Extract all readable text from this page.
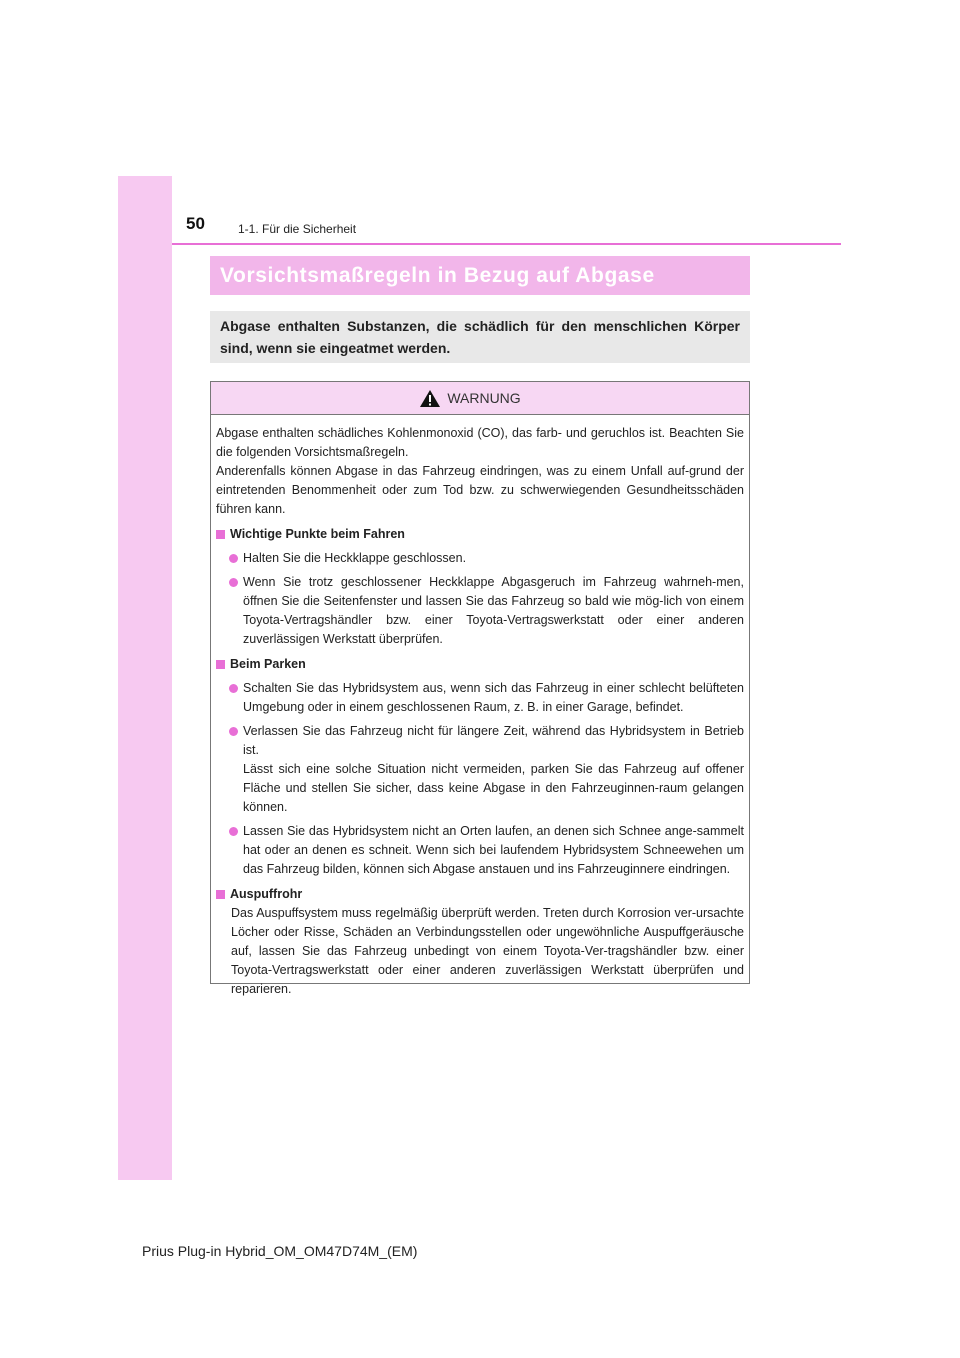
50	1-1. Für die Sicherheit
Vorsichtsmaßregeln in Bezug auf Abgase
Abgase enthalten Substanzen, die schädlich für den menschlichen Körper sind, wenn sie eingeatmet werden.
WARNUNG

Abgase enthalten schädliches Kohlenmonoxid (CO), das farb- und geruchlos ist. Beachten Sie die folgenden Vorsichtsmaßregeln.

Anderenfalls können Abgase in das Fahrzeug eindringen, was zu einem Unfall auf-grund der eintretenden Benommenheit oder zum Tod bzw. zu schwerwiegenden Gesundheitsschäden führen kann.

Wichtige Punkte beim Fahren
Halten Sie die Heckklappe geschlossen.
Wenn Sie trotz geschlossener Heckklappe Abgasgeruch im Fahrzeug wahrneh-men, öffnen Sie die Seitenfenster und lassen Sie das Fahrzeug so bald wie mög-lich von einem Toyota-Vertragshändler bzw. einer Toyota-Vertragswerkstatt oder einer anderen zuverlässigen Werkstatt überprüfen.
Beim Parken
Schalten Sie das Hybridsystem aus, wenn sich das Fahrzeug in einer schlecht belüfteten Umgebung oder in einem geschlossenen Raum, z. B. in einer Garage, befindet.
Verlassen Sie das Fahrzeug nicht für längere Zeit, während das Hybridsystem in Betrieb ist.
Lässt sich eine solche Situation nicht vermeiden, parken Sie das Fahrzeug auf offener Fläche und stellen Sie sicher, dass keine Abgase in den Fahrzeuginnen-raum gelangen können.
Lassen Sie das Hybridsystem nicht an Orten laufen, an denen sich Schnee ange-sammelt hat oder an denen es schneit. Wenn sich bei laufendem Hybridsystem Schneewehen um das Fahrzeug bilden, können sich Abgase anstauen und ins Fahrzeuginnere eindringen.
Auspuffrohr

Das Auspuffsystem muss regelmäßig überprüft werden. Treten durch Korrosion ver-ursachte Löcher oder Risse, Schäden an Verbindungsstellen oder ungewöhnliche Auspuffgeräusche auf, lassen Sie das Fahrzeug unbedingt von einem Toyota-Ver-tragshändler bzw. einer Toyota-Vertragswerkstatt oder einer anderen zuverlässigen Werkstatt überprüfen und reparieren.

Prius Plug-in Hybrid_OM_OM47D74M_(EM)
